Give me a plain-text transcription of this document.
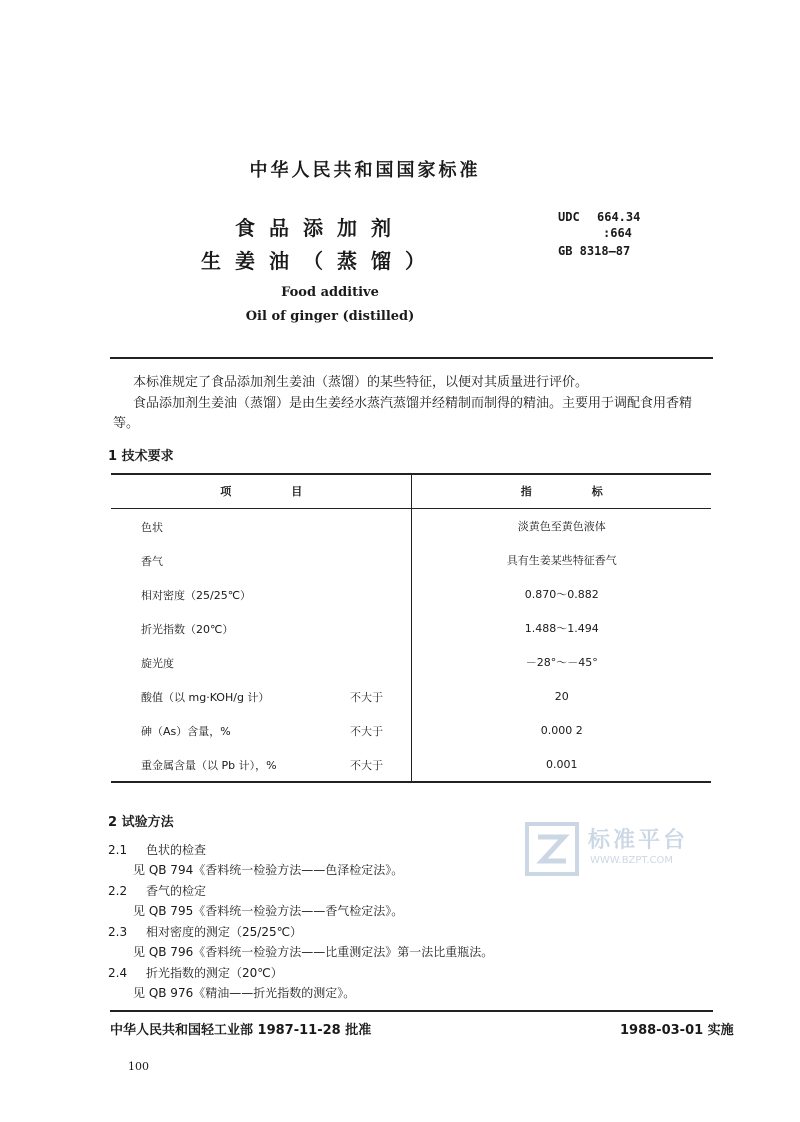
中华人民共和国国家标准
食品添加剂
生姜油（蒸馏）
Food additive
Oil of ginger (distilled)
UDC 664.34
:664
GB 8318—87
本标准规定了食品添加剂生姜油（蒸馏）的某些特征，以便对其质量进行评价。
食品添加剂生姜油（蒸馏）是由生姜经水蒸汽蒸馏并经精制而制得的精油。主要用于调配食用香精等。
1 技术要求
项目	指标

色状	淡黄色至黄色液体

香气	具有生姜某些特征香气

相对密度（25/25℃）	0.870～0.882

折光指数（20℃）	1.488～1.494

旋光度	－28°～－45°

酸值（以 mg·KOH/g 计） 不大于	20

砷（As）含量，% 不大于	0.000 2

重金属含量（以 Pb 计），% 不大于	0.001
2 试验方法
2.1 色状的检查
见 QB 794《香料统一检验方法——色泽检定法》。
2.2 香气的检定
见 QB 795《香料统一检验方法——香气检定法》。
2.3 相对密度的测定（25/25℃）
见 QB 796《香料统一检验方法——比重测定法》第一法比重瓶法。
2.4 折光指数的测定（20℃）
见 QB 976《精油——折光指数的测定》。
中华人民共和国轻工业部 1987-11-28 批准	1988-03-01 实施
100
标准平台
WWW.BZPT.COM
